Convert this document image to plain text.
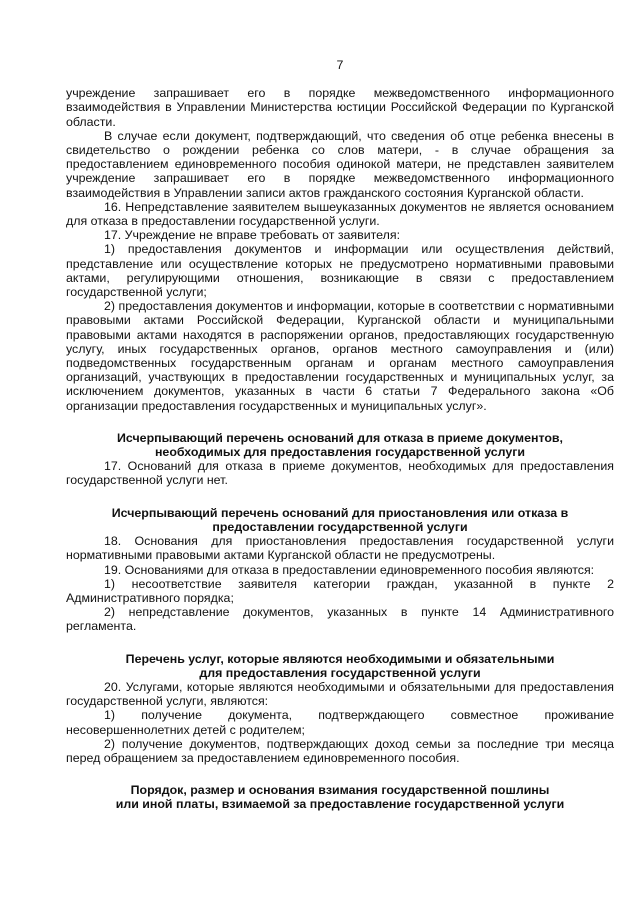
7

учреждение запрашивает его в порядке межведомственного информационного взаимодействия в Управлении Министерства юстиции Российской Федерации по Курганской области.

В случае если документ, подтверждающий, что сведения об отце ребенка внесены в свидетельство о рождении ребенка со слов матери, - в случае обращения за предоставлением единовременного пособия одинокой матери, не представлен заявителем учреждение запрашивает его в порядке межведомственного информационного взаимодействия в Управлении записи актов гражданского состояния Курганской области.

16. Непредставление заявителем вышеуказанных документов не является основанием для отказа в предоставлении государственной услуги.

17. Учреждение не вправе требовать от заявителя:

1) предоставления документов и информации или осуществления действий, представление или осуществление которых не предусмотрено нормативными правовыми актами, регулирующими отношения, возникающие в связи с предоставлением государственной услуги;

2) предоставления документов и информации, которые в соответствии с нормативными правовыми актами Российской Федерации, Курганской области и муниципальными правовыми актами находятся в распоряжении органов, предоставляющих государственную услугу, иных государственных органов, органов местного самоуправления и (или) подведомственных государственным органам и органам местного самоуправления организаций, участвующих в предоставлении государственных и муниципальных услуг, за исключением документов, указанных в части 6 статьи 7 Федерального закона «Об организации предоставления государственных и муниципальных услуг».

Исчерпывающий перечень оснований для отказа в приеме документов,
необходимых для предоставления государственной услуги

17. Оснований для отказа в приеме документов, необходимых для предоставления государственной услуги нет.

Исчерпывающий перечень оснований для приостановления или отказа в
предоставлении государственной услуги

18. Основания для приостановления предоставления государственной услуги нормативными правовыми актами Курганской области не предусмотрены.

19. Основаниями для отказа в предоставлении единовременного пособия являются:

1) несоответствие заявителя категории граждан, указанной в пункте 2 Административного порядка;

2) непредставление документов, указанных в пункте 14 Административного регламента.

Перечень услуг, которые являются необходимыми и обязательными
для предоставления государственной услуги

20. Услугами, которые являются необходимыми и обязательными для предоставления государственной услуги, являются:

1) получение документа, подтверждающего совместное проживание несовершеннолетних детей с родителем;

2) получение документов, подтверждающих доход семьи за последние три месяца перед обращением за предоставлением единовременного пособия.

Порядок, размер и основания взимания государственной пошлины
или иной платы, взимаемой за предоставление государственной услуги
